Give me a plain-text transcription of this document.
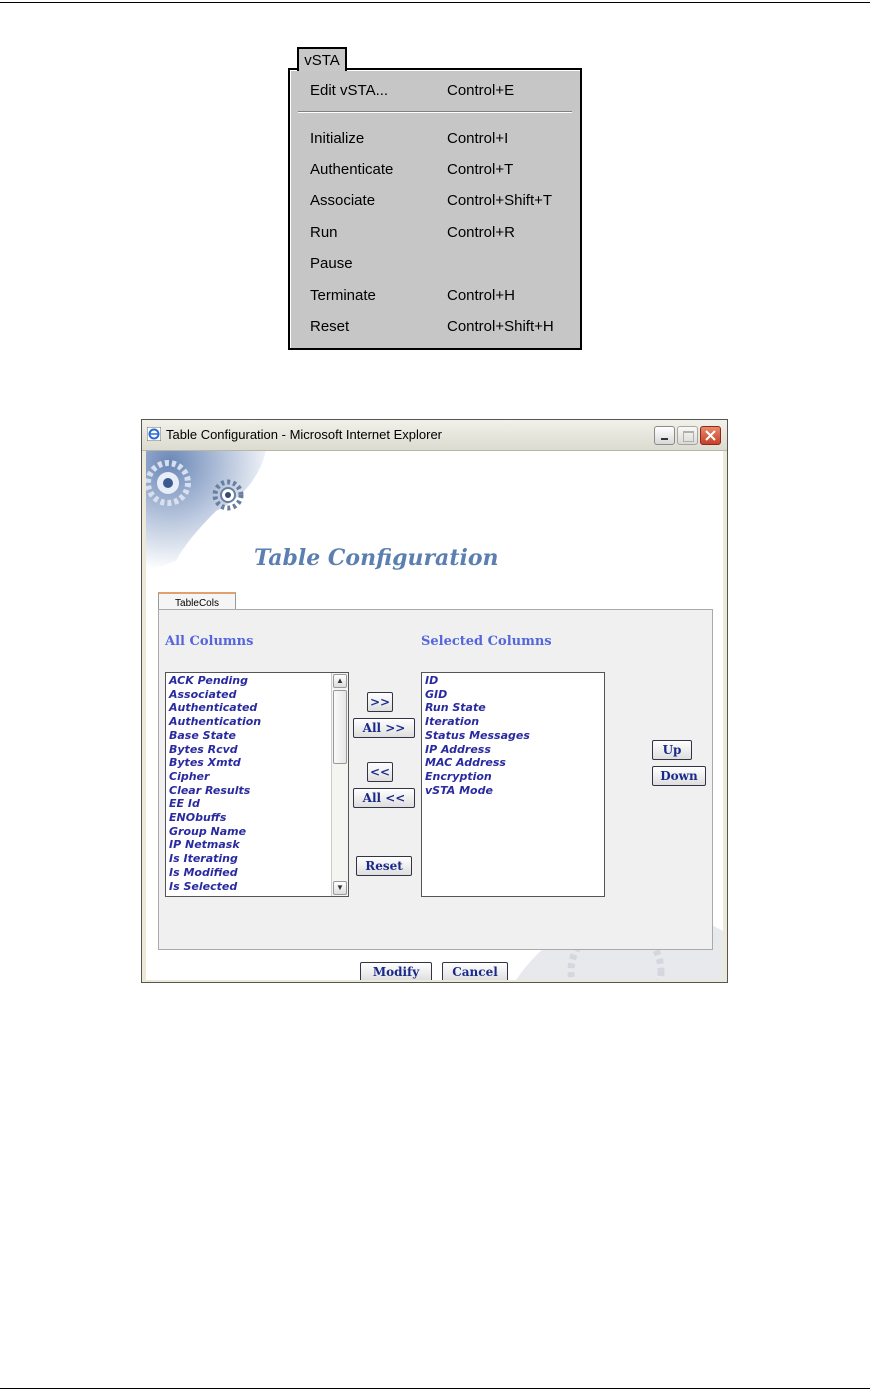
vSTA
Edit vSTA...	Control+E
Initialize	Control+I
Authenticate	Control+T
Associate	Control+Shift+T
Run	Control+R
Pause
Terminate	Control+H
Reset	Control+Shift+H
Table Configuration - Microsoft Internet Explorer
Table Configuration
TableCols
All Columns	Selected Columns
ACK Pending
Associated
Authenticated
Authentication
Base State
Bytes Rcvd
Bytes Xmtd
Cipher
Clear Results
EE Id
ENObuffs
Group Name
IP Netmask
Is Iterating
Is Modified
Is Selected
▲
▼
>>
All >>
<<
All <<
Reset
ID
GID
Run State
Iteration
Status Messages
IP Address
MAC Address
Encryption
vSTA Mode
Up
Down
Modify	Cancel
